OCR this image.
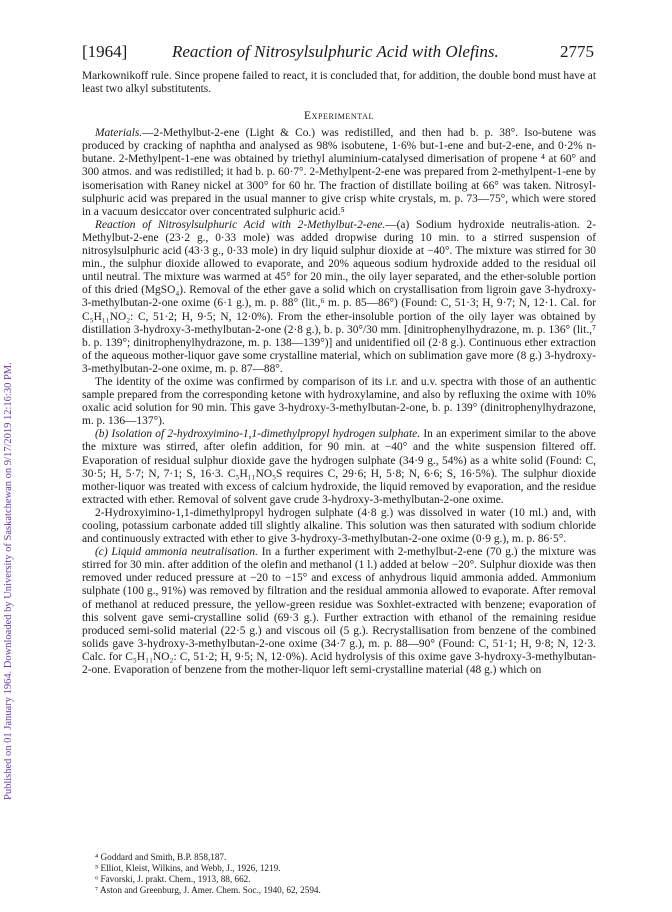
[1964]	Reaction of Nitrosylsulphuric Acid with Olefins.	2775
Published on 01 January 1964. Downloaded by University of Saskatchewan on 9/17/2019 12:16:30 PM.

Markownikoff rule. Since propene failed to react, it is concluded that, for addition, the double bond must have at least two alkyl substitutents.

Experimental

Materials.—2-Methylbut-2-ene (Light & Co.) was redistilled, and then had b. p. 38°. Iso-butene was produced by cracking of naphtha and analysed as 98% isobutene, 1·6% but-1-ene and but-2-ene, and 0·2% n-butane. 2-Methylpent-1-ene was obtained by triethyl aluminium-catalysed dimerisation of propene ⁴ at 60° and 300 atmos. and was redistilled; it had b. p. 60·7°. 2-Methylpent-2-ene was prepared from 2-methylpent-1-ene by isomerisation with Raney nickel at 300° for 60 hr. The fraction of distillate boiling at 66° was taken. Nitrosyl-sulphuric acid was prepared in the usual manner to give crisp white crystals, m. p. 73—75°, which were stored in a vacuum desiccator over concentrated sulphuric acid.⁵

Reaction of Nitrosylsulphuric Acid with 2-Methylbut-2-ene.—(a) Sodium hydroxide neutralis-ation. 2-Methylbut-2-ene (23·2 g., 0·33 mole) was added dropwise during 10 min. to a stirred suspension of nitrosylsulphuric acid (43·3 g., 0·33 mole) in dry liquid sulphur dioxide at −40°. The mixture was stirred for 30 min., the sulphur dioxide allowed to evaporate, and 20% aqueous sodium hydroxide added to the residual oil until neutral. The mixture was warmed at 45° for 20 min., the oily layer separated, and the ether-soluble portion of this dried (MgSO₄). Removal of the ether gave a solid which on crystallisation from ligroin gave 3-hydroxy-3-methylbutan-2-one oxime (6·1 g.), m. p. 88° (lit.,⁶ m. p. 85—86°) (Found: C, 51·3; H, 9·7; N, 12·1. Cal. for C₅H₁₁NO₂: C, 51·2; H, 9·5; N, 12·0%). From the ether-insoluble portion of the oily layer was obtained by distillation 3-hydroxy-3-methylbutan-2-one (2·8 g.), b. p. 30°/30 mm. [dinitrophenylhydrazone, m. p. 136° (lit.,⁷ b. p. 139°; dinitrophenylhydrazone, m. p. 138—139°)] and unidentified oil (2·8 g.). Continuous ether extraction of the aqueous mother-liquor gave some crystalline material, which on sublimation gave more (8 g.) 3-hydroxy-3-methylbutan-2-one oxime, m. p. 87—88°.

The identity of the oxime was confirmed by comparison of its i.r. and u.v. spectra with those of an authentic sample prepared from the corresponding ketone with hydroxylamine, and also by refluxing the oxime with 10% oxalic acid solution for 90 min. This gave 3-hydroxy-3-methylbutan-2-one, b. p. 139° (dinitrophenylhydrazone, m. p. 136—137°).

(b) Isolation of 2-hydroxyimino-1,1-dimethylpropyl hydrogen sulphate. In an experiment similar to the above the mixture was stirred, after olefin addition, for 90 min. at −40° and the white suspension filtered off. Evaporation of residual sulphur dioxide gave the hydrogen sulphate (34·9 g., 54%) as a white solid (Found: C, 30·5; H, 5·7; N, 7·1; S, 16·3. C₅H₁₁NO₅S requires C, 29·6; H, 5·8; N, 6·6; S, 16·5%). The sulphur dioxide mother-liquor was treated with excess of calcium hydroxide, the liquid removed by evaporation, and the residue extracted with ether. Removal of solvent gave crude 3-hydroxy-3-methylbutan-2-one oxime.

2-Hydroxyimino-1,1-dimethylpropyl hydrogen sulphate (4·8 g.) was dissolved in water (10 ml.) and, with cooling, potassium carbonate added till slightly alkaline. This solution was then saturated with sodium chloride and continuously extracted with ether to give 3-hydroxy-3-methylbutan-2-one oxime (0·9 g.), m. p. 86·5°.

(c) Liquid ammonia neutralisation. In a further experiment with 2-methylbut-2-ene (70 g.) the mixture was stirred for 30 min. after addition of the olefin and methanol (1 l.) added at below −20°. Sulphur dioxide was then removed under reduced pressure at −20 to −15° and excess of anhydrous liquid ammonia added. Ammonium sulphate (100 g., 91%) was removed by filtration and the residual ammonia allowed to evaporate. After removal of methanol at reduced pressure, the yellow-green residue was Soxhlet-extracted with benzene; evaporation of this solvent gave semi-crystalline solid (69·3 g.). Further extraction with ethanol of the remaining residue produced semi-solid material (22·5 g.) and viscous oil (5 g.). Recrystallisation from benzene of the combined solids gave 3-hydroxy-3-methylbutan-2-one oxime (34·7 g.), m. p. 88—90° (Found: C, 51·1; H, 9·8; N, 12·3. Calc. for C₅H₁₁NO₂: C, 51·2; H, 9·5; N, 12·0%). Acid hydrolysis of this oxime gave 3-hydroxy-3-methylbutan-2-one. Evaporation of benzene from the mother-liquor left semi-crystalline material (48 g.) which on

⁴ Goddard and Smith, B.P. 858,187.
⁵ Elliot, Kleist, Wilkins, and Webb, J., 1926, 1219.
⁶ Favorski, J. prakt. Chem., 1913, 88, 662.
⁷ Aston and Greenburg, J. Amer. Chem. Soc., 1940, 62, 2594.
